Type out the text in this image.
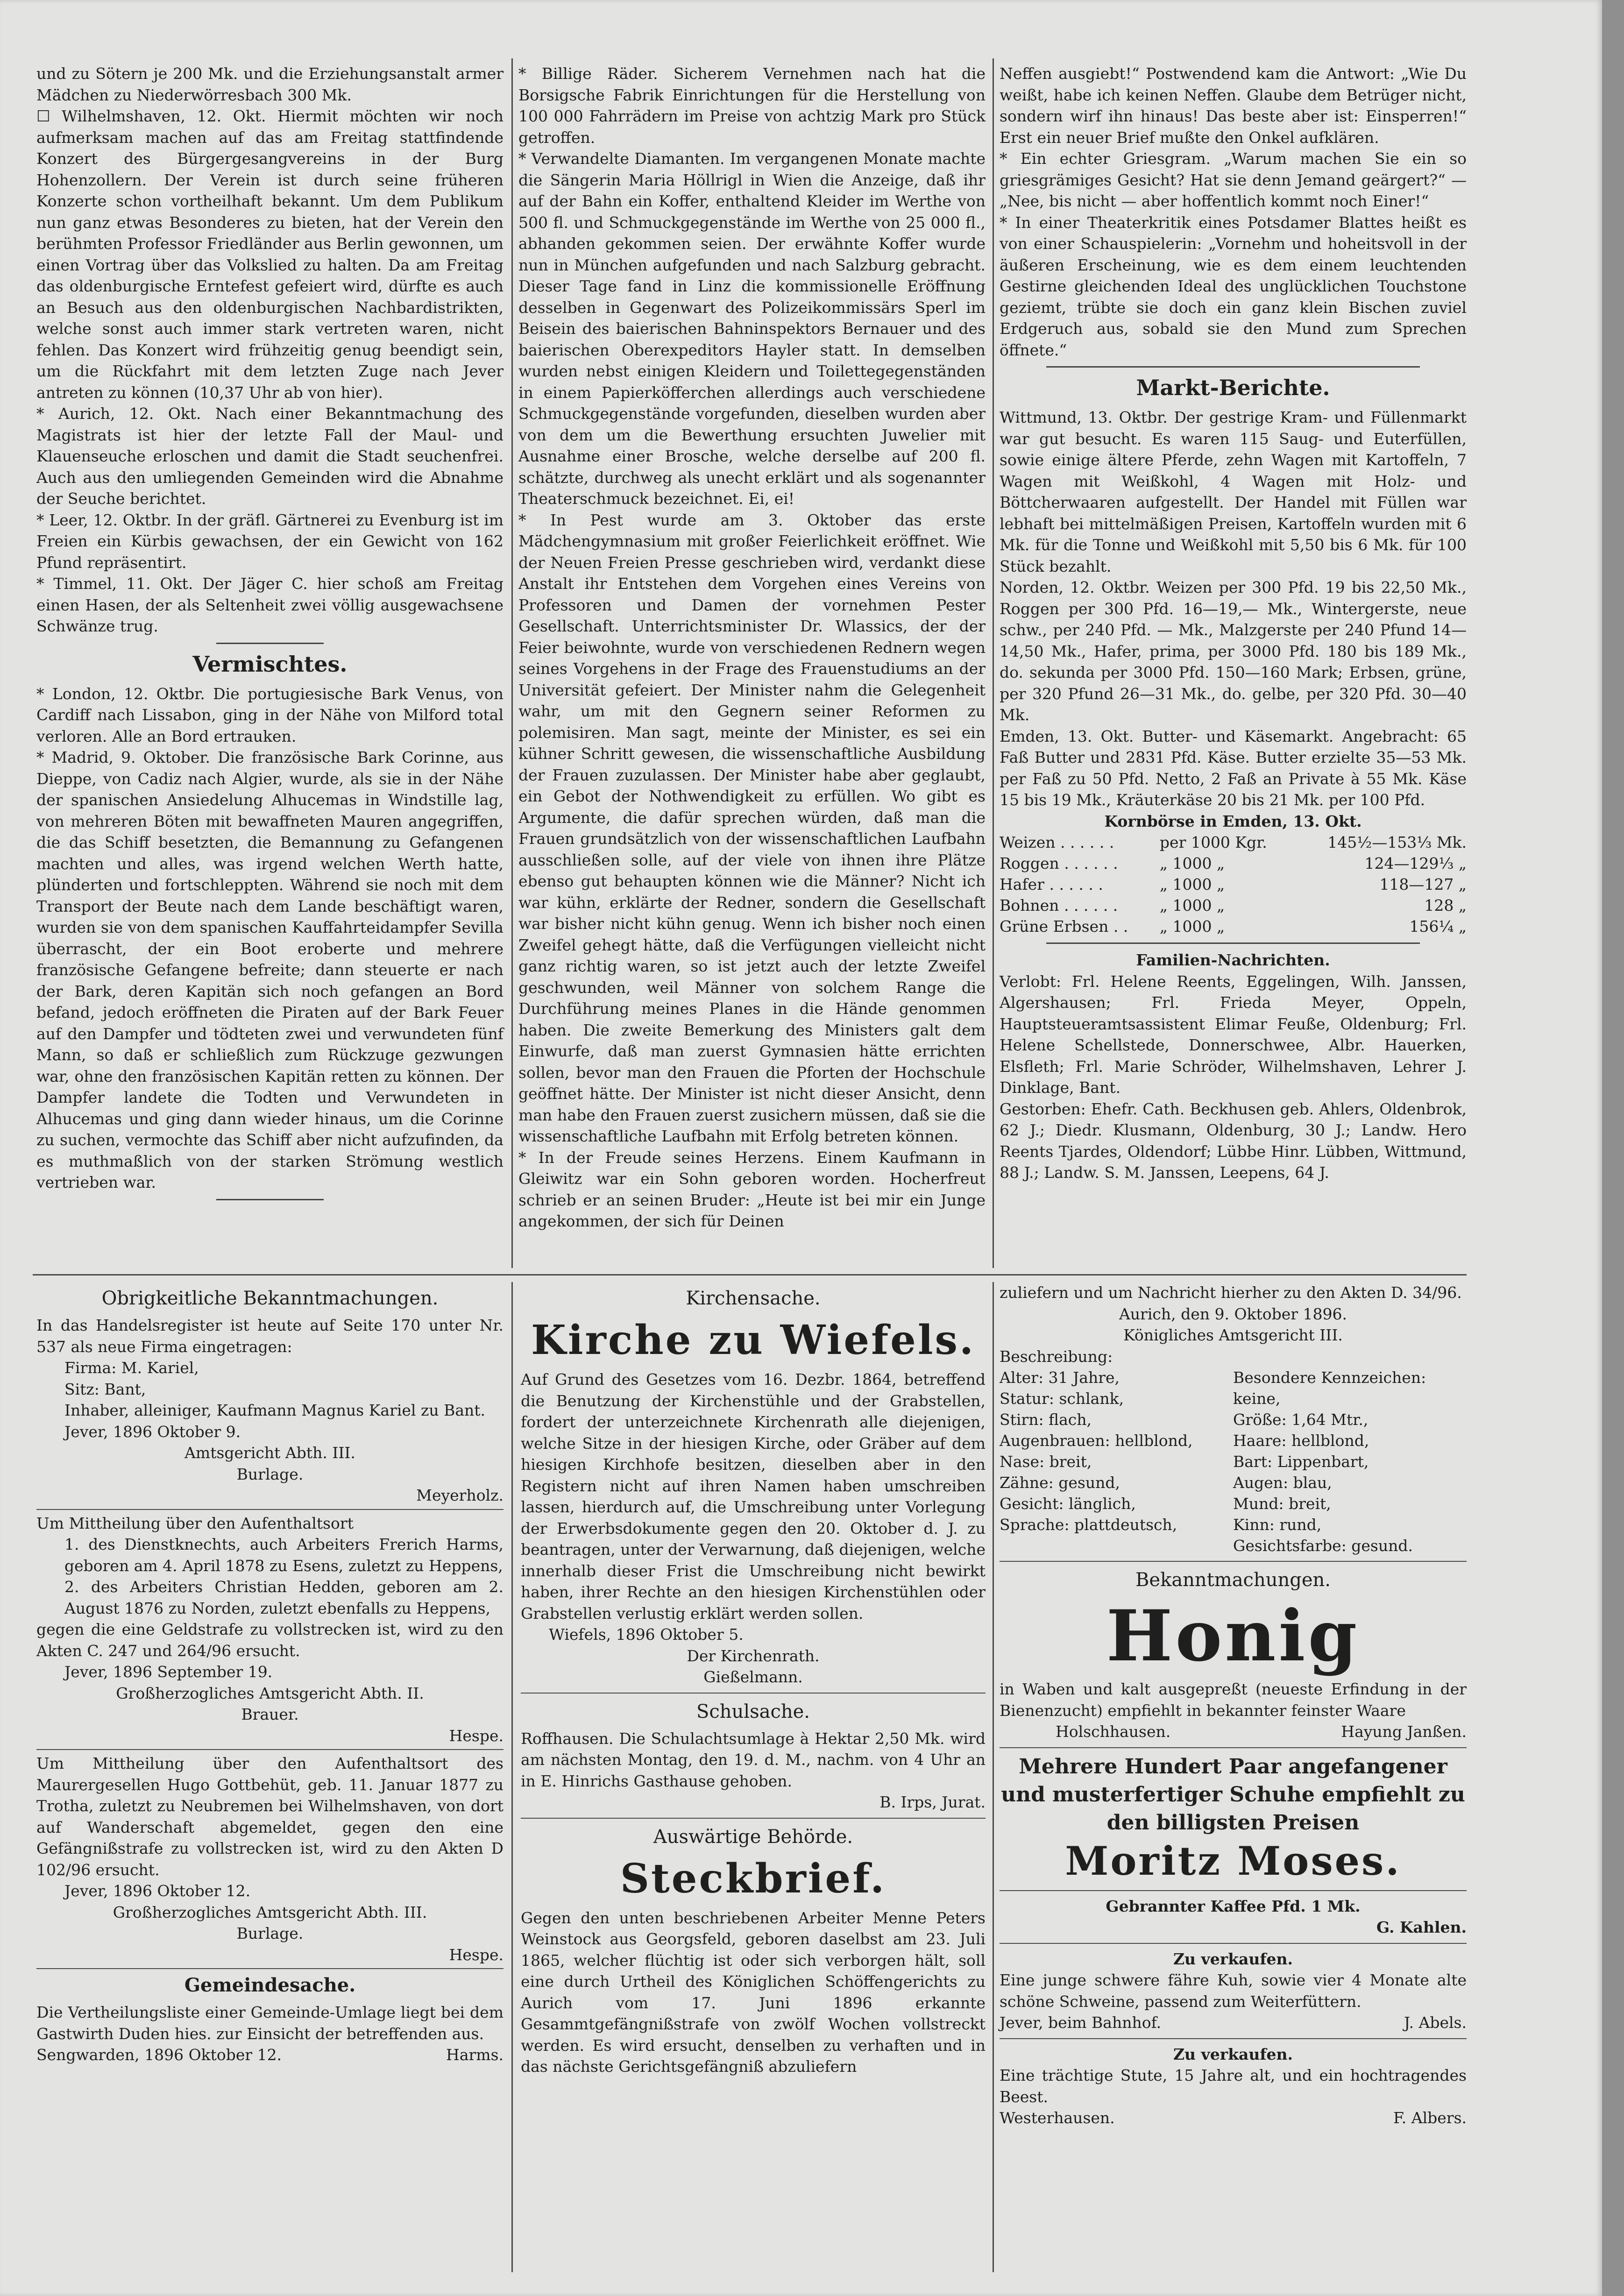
und zu Sötern je 200 Mk. und die Erziehungsanstalt armer Mädchen zu Niederwörresbach 300 Mk.

☐ Wilhelmshaven, 12. Okt. Hiermit möchten wir noch aufmerksam machen auf das am Freitag stattfindende Konzert des Bürgergesangvereins in der Burg Hohenzollern. Der Verein ist durch seine früheren Konzerte schon vortheilhaft bekannt. Um dem Publikum nun ganz etwas Besonderes zu bieten, hat der Verein den berühmten Professor Friedländer aus Berlin gewonnen, um einen Vortrag über das Volkslied zu halten. Da am Freitag das oldenburgische Erntefest gefeiert wird, dürfte es auch an Besuch aus den oldenburgischen Nachbardistrikten, welche sonst auch immer stark vertreten waren, nicht fehlen. Das Konzert wird frühzeitig genug beendigt sein, um die Rückfahrt mit dem letzten Zuge nach Jever antreten zu können (10,37 Uhr ab von hier).

* Aurich, 12. Okt. Nach einer Bekanntmachung des Magistrats ist hier der letzte Fall der Maul- und Klauenseuche erloschen und damit die Stadt seuchenfrei. Auch aus den umliegenden Gemeinden wird die Abnahme der Seuche berichtet.

* Leer, 12. Oktbr. In der gräfl. Gärtnerei zu Evenburg ist im Freien ein Kürbis gewachsen, der ein Gewicht von 162 Pfund repräsentirt.

* Timmel, 11. Okt. Der Jäger C. hier schoß am Freitag einen Hasen, der als Seltenheit zwei völlig ausgewachsene Schwänze trug.

Vermischtes.

* London, 12. Oktbr. Die portugiesische Bark Venus, von Cardiff nach Lissabon, ging in der Nähe von Milford total verloren. Alle an Bord ertrauken.

* Madrid, 9. Oktober. Die französische Bark Corinne, aus Dieppe, von Cadiz nach Algier, wurde, als sie in der Nähe der spanischen Ansiedelung Alhucemas in Windstille lag, von mehreren Böten mit bewaffneten Mauren angegriffen, die das Schiff besetzten, die Bemannung zu Gefangenen machten und alles, was irgend welchen Werth hatte, plünderten und fortschleppten. Während sie noch mit dem Transport der Beute nach dem Lande beschäftigt waren, wurden sie von dem spanischen Kauffahrteidampfer Sevilla überrascht, der ein Boot eroberte und mehrere französische Gefangene befreite; dann steuerte er nach der Bark, deren Kapitän sich noch gefangen an Bord befand, jedoch eröffneten die Piraten auf der Bark Feuer auf den Dampfer und tödteten zwei und verwundeten fünf Mann, so daß er schließlich zum Rückzuge gezwungen war, ohne den französischen Kapitän retten zu können. Der Dampfer landete die Todten und Verwundeten in Alhucemas und ging dann wieder hinaus, um die Corinne zu suchen, vermochte das Schiff aber nicht aufzufinden, da es muthmaßlich von der starken Strömung westlich vertrieben war.

* Billige Räder. Sicherem Vernehmen nach hat die Borsigsche Fabrik Einrichtungen für die Herstellung von 100 000 Fahrrädern im Preise von achtzig Mark pro Stück getroffen.

* Verwandelte Diamanten. Im vergangenen Monate machte die Sängerin Maria Höllrigl in Wien die Anzeige, daß ihr auf der Bahn ein Koffer, enthaltend Kleider im Werthe von 500 fl. und Schmuckgegenstände im Werthe von 25 000 fl., abhanden gekommen seien. Der erwähnte Koffer wurde nun in München aufgefunden und nach Salzburg gebracht. Dieser Tage fand in Linz die kommissionelle Eröffnung desselben in Gegenwart des Polizeikommissärs Sperl im Beisein des baierischen Bahninspektors Bernauer und des baierischen Oberexpeditors Hayler statt. In demselben wurden nebst einigen Kleidern und Toilettegegenständen in einem Papierköfferchen allerdings auch verschiedene Schmuckgegenstände vorgefunden, dieselben wurden aber von dem um die Bewerthung ersuchten Juwelier mit Ausnahme einer Brosche, welche derselbe auf 200 fl. schätzte, durchweg als unecht erklärt und als sogenannter Theaterschmuck bezeichnet. Ei, ei!

* In Pest wurde am 3. Oktober das erste Mädchengymnasium mit großer Feierlichkeit eröffnet. Wie der Neuen Freien Presse geschrieben wird, verdankt diese Anstalt ihr Entstehen dem Vorgehen eines Vereins von Professoren und Damen der vornehmen Pester Gesellschaft. Unterrichtsminister Dr. Wlassics, der der Feier beiwohnte, wurde von verschiedenen Rednern wegen seines Vorgehens in der Frage des Frauenstudiums an der Universität gefeiert. Der Minister nahm die Gelegenheit wahr, um mit den Gegnern seiner Reformen zu polemisiren. Man sagt, meinte der Minister, es sei ein kühner Schritt gewesen, die wissenschaftliche Ausbildung der Frauen zuzulassen. Der Minister habe aber geglaubt, ein Gebot der Nothwendigkeit zu erfüllen. Wo gibt es Argumente, die dafür sprechen würden, daß man die Frauen grundsätzlich von der wissenschaftlichen Laufbahn ausschließen solle, auf der viele von ihnen ihre Plätze ebenso gut behaupten können wie die Männer? Nicht ich war kühn, erklärte der Redner, sondern die Gesellschaft war bisher nicht kühn genug. Wenn ich bisher noch einen Zweifel gehegt hätte, daß die Verfügungen vielleicht nicht ganz richtig waren, so ist jetzt auch der letzte Zweifel geschwunden, weil Männer von solchem Range die Durchführung meines Planes in die Hände genommen haben. Die zweite Bemerkung des Ministers galt dem Einwurfe, daß man zuerst Gymnasien hätte errichten sollen, bevor man den Frauen die Pforten der Hochschule geöffnet hätte. Der Minister ist nicht dieser Ansicht, denn man habe den Frauen zuerst zusichern müssen, daß sie die wissenschaftliche Laufbahn mit Erfolg betreten können.

* In der Freude seines Herzens. Einem Kaufmann in Gleiwitz war ein Sohn geboren worden. Hocherfreut schrieb er an seinen Bruder: „Heute ist bei mir ein Junge angekommen, der sich für Deinen

Neffen ausgiebt!“ Postwendend kam die Antwort: „Wie Du weißt, habe ich keinen Neffen. Glaube dem Betrüger nicht, sondern wirf ihn hinaus! Das beste aber ist: Einsperren!“ Erst ein neuer Brief mußte den Onkel aufklären.

* Ein echter Griesgram. „Warum machen Sie ein so griesgrämiges Gesicht? Hat sie denn Jemand geärgert?“ — „Nee, bis nicht — aber hoffentlich kommt noch Einer!“

* In einer Theaterkritik eines Potsdamer Blattes heißt es von einer Schauspielerin: „Vornehm und hoheitsvoll in der äußeren Erscheinung, wie es dem einem leuchtenden Gestirne gleichenden Ideal des unglücklichen Touchstone geziemt, trübte sie doch ein ganz klein Bischen zuviel Erdgeruch aus, sobald sie den Mund zum Sprechen öffnete.“

Markt-Berichte.

Wittmund, 13. Oktbr. Der gestrige Kram- und Füllenmarkt war gut besucht. Es waren 115 Saug- und Euterfüllen, sowie einige ältere Pferde, zehn Wagen mit Kartoffeln, 7 Wagen mit Weißkohl, 4 Wagen mit Holz- und Böttcherwaaren aufgestellt. Der Handel mit Füllen war lebhaft bei mittelmäßigen Preisen, Kartoffeln wurden mit 6 Mk. für die Tonne und Weißkohl mit 5,50 bis 6 Mk. für 100 Stück bezahlt.

Norden, 12. Oktbr. Weizen per 300 Pfd. 19 bis 22,50 Mk., Roggen per 300 Pfd. 16—19,— Mk., Wintergerste, neue schw., per 240 Pfd. — Mk., Malzgerste per 240 Pfund 14—14,50 Mk., Hafer, prima, per 3000 Pfd. 180 bis 189 Mk., do. sekunda per 3000 Pfd. 150—160 Mark; Erbsen, grüne, per 320 Pfund 26—31 Mk., do. gelbe, per 320 Pfd. 30—40 Mk.

Emden, 13. Okt. Butter- und Käsemarkt. Angebracht: 65 Faß Butter und 2831 Pfd. Käse. Butter erzielte 35—53 Mk. per Faß zu 50 Pfd. Netto, 2 Faß an Private à 55 Mk. Käse 15 bis 19 Mk., Kräuterkäse 20 bis 21 Mk. per 100 Pfd.

Kornbörse in Emden, 13. Okt.
Weizen . . . . . .	per 1000 Kgr.	145½—153⅓ Mk.
Roggen . . . . . .	„ 1000 „	124—129⅓ „
Hafer . . . . . .	„ 1000 „	118—127 „
Bohnen . . . . . .	„ 1000 „	128 „
Grüne Erbsen . .	„ 1000 „	156¼ „
Familien-Nachrichten.

Verlobt: Frl. Helene Reents, Eggelingen, Wilh. Janssen, Algershausen; Frl. Frieda Meyer, Oppeln, Hauptsteueramtsassistent Elimar Feuße, Oldenburg; Frl. Helene Schellstede, Donnerschwee, Albr. Hauerken, Elsfleth; Frl. Marie Schröder, Wilhelmshaven, Lehrer J. Dinklage, Bant.

Gestorben: Ehefr. Cath. Beckhusen geb. Ahlers, Oldenbrok, 62 J.; Diedr. Klusmann, Oldenburg, 30 J.; Landw. Hero Reents Tjardes, Oldendorf; Lübbe Hinr. Lübben, Wittmund, 88 J.; Landw. S. M. Janssen, Leepens, 64 J.

Obrigkeitliche Bekanntmachungen.

In das Handelsregister ist heute auf Seite 170 unter Nr. 537 als neue Firma eingetragen:

Firma: M. Kariel,

Sitz: Bant,

Inhaber, alleiniger, Kaufmann Magnus Kariel zu Bant.

Jever, 1896 Oktober 9.

Amtsgericht Abth. III.

Burlage.

Meyerholz.

Um Mittheilung über den Aufenthaltsort

1. des Dienstknechts, auch Arbeiters Frerich Harms, geboren am 4. April 1878 zu Esens, zuletzt zu Heppens,

2. des Arbeiters Christian Hedden, geboren am 2. August 1876 zu Norden, zuletzt ebenfalls zu Heppens,

gegen die eine Geldstrafe zu vollstrecken ist, wird zu den Akten C. 247 und 264/96 ersucht.

Jever, 1896 September 19.

Großherzogliches Amtsgericht Abth. II.

Brauer.

Hespe.

Um Mittheilung über den Aufenthaltsort des Maurergesellen Hugo Gottbehüt, geb. 11. Januar 1877 zu Trotha, zuletzt zu Neubremen bei Wilhelmshaven, von dort auf Wanderschaft abgemeldet, gegen den eine Gefängnißstrafe zu vollstrecken ist, wird zu den Akten D 102/96 ersucht.

Jever, 1896 Oktober 12.

Großherzogliches Amtsgericht Abth. III.

Burlage.

Hespe.

Gemeindesache.

Die Vertheilungsliste einer Gemeinde-Umlage liegt bei dem Gastwirth Duden hies. zur Einsicht der betreffenden aus.

Sengwarden, 1896 Oktober 12.	Harms.

Kirchensache.
Kirche zu Wiefels.

Auf Grund des Gesetzes vom 16. Dezbr. 1864, betreffend die Benutzung der Kirchenstühle und der Grabstellen, fordert der unterzeichnete Kirchenrath alle diejenigen, welche Sitze in der hiesigen Kirche, oder Gräber auf dem hiesigen Kirchhofe besitzen, dieselben aber in den Registern nicht auf ihren Namen haben umschreiben lassen, hierdurch auf, die Umschreibung unter Vorlegung der Erwerbsdokumente gegen den 20. Oktober d. J. zu beantragen, unter der Verwarnung, daß diejenigen, welche innerhalb dieser Frist die Umschreibung nicht bewirkt haben, ihrer Rechte an den hiesigen Kirchenstühlen oder Grabstellen verlustig erklärt werden sollen.

Wiefels, 1896 Oktober 5.

Der Kirchenrath.

Gießelmann.

Schulsache.

Roffhausen. Die Schulachtsumlage à Hektar 2,50 Mk. wird am nächsten Montag, den 19. d. M., nachm. von 4 Uhr an in E. Hinrichs Gasthause gehoben.

B. Irps, Jurat.

Auswärtige Behörde.
Steckbrief.

Gegen den unten beschriebenen Arbeiter Menne Peters Weinstock aus Georgsfeld, geboren daselbst am 23. Juli 1865, welcher flüchtig ist oder sich verborgen hält, soll eine durch Urtheil des Königlichen Schöffengerichts zu Aurich vom 17. Juni 1896 erkannte Gesammtgefängnißstrafe von zwölf Wochen vollstreckt werden. Es wird ersucht, denselben zu verhaften und in das nächste Gerichtsgefängniß abzuliefern

zuliefern und um Nachricht hierher zu den Akten D. 34/96.

Aurich, den 9. Oktober 1896.

Königliches Amtsgericht III.

Beschreibung:

Alter: 31 Jahre,
Statur: schlank,
Stirn: flach,
Augenbrauen: hellblond,
Nase: breit,
Zähne: gesund,
Gesicht: länglich,
Sprache: plattdeutsch,

Besondere Kennzeichen:
keine,
Größe: 1,64 Mtr.,
Haare: hellblond,
Bart: Lippenbart,
Augen: blau,
Mund: breit,
Kinn: rund,
Gesichtsfarbe: gesund.
Bekanntmachungen.
Honig

in Waben und kalt ausgepreßt (neueste Erfindung in der Bienenzucht) empfiehlt in bekannter feinster Waare

Holschhausen.	Hayung Janßen.

Mehrere Hundert Paar angefangener
und musterfertiger Schuhe empfiehlt zu
den billigsten Preisen
Moritz Moses.

Gebrannter Kaffee Pfd. 1 Mk.

G. Kahlen.

Zu verkaufen.

Eine junge schwere fähre Kuh, sowie vier 4 Monate alte schöne Schweine, passend zum Weiterfüttern.

Jever, beim Bahnhof.	J. Abels.

Zu verkaufen.

Eine trächtige Stute, 15 Jahre alt, und ein hochtragendes Beest.

Westerhausen.	F. Albers.
